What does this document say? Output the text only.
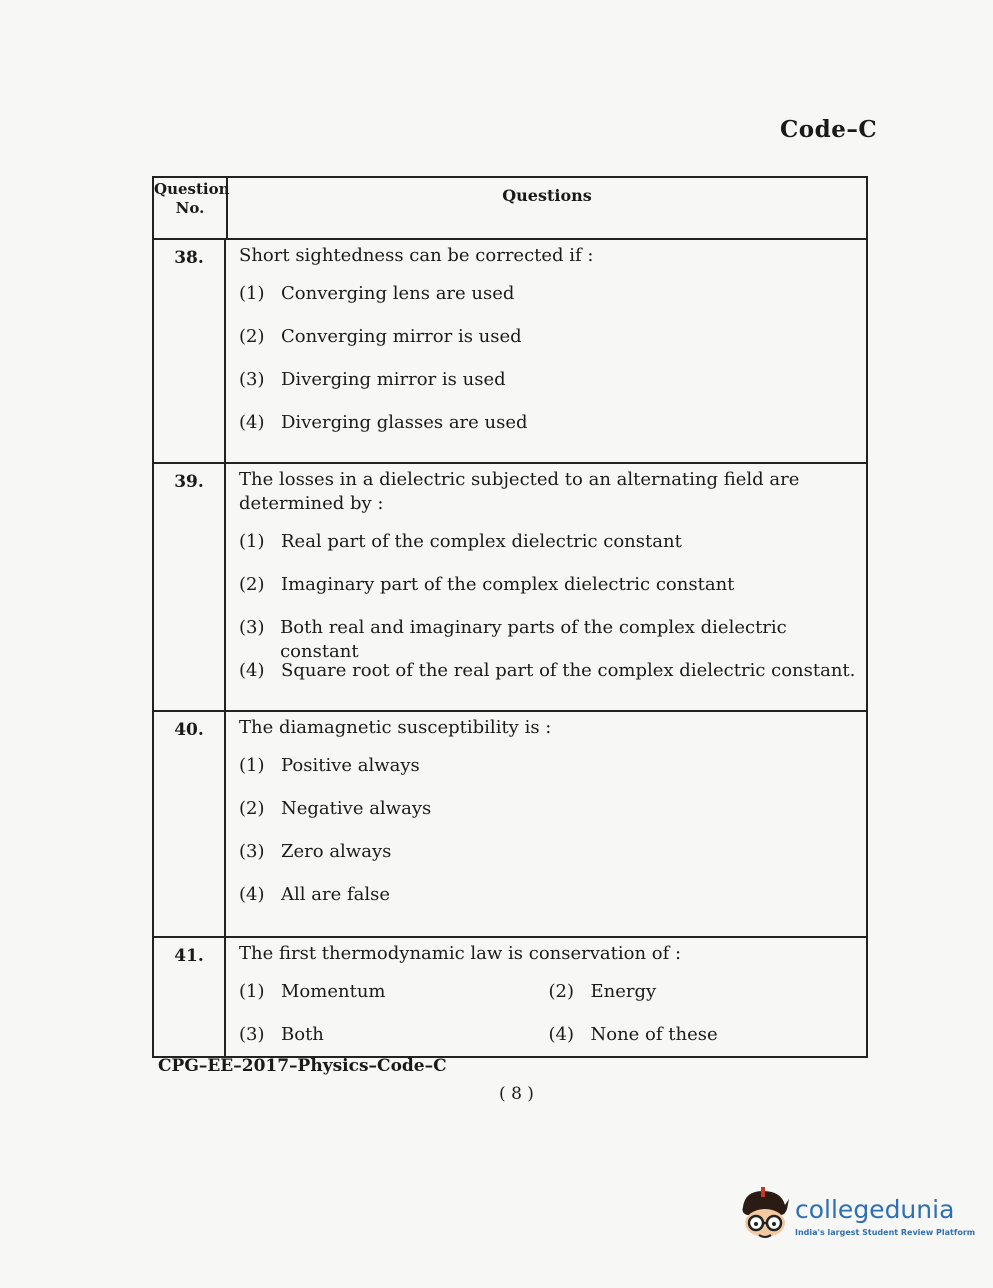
Code–C
Question No.
Questions
38.	Short sightedness can be corrected if :
(1) Converging lens are used
(2) Converging mirror is used
(3) Diverging mirror is used
(4) Diverging glasses are used
39.	The losses in a dielectric subjected to an alternating field are determined by :
(1) Real part of the complex dielectric constant
(2) Imaginary part of the complex dielectric constant
(3) Both real and imaginary parts of the complex dielectric constant
(4) Square root of the real part of the complex dielectric constant.
40.	The diamagnetic susceptibility is :
(1) Positive always
(2) Negative always
(3) Zero always
(4) All are false
41.	The first thermodynamic law is conservation of :
(1) Momentum	(2) Energy
(3) Both	(4) None of these
CPG–EE–2017–Physics–Code–C
( 8 )
collegedunia
India's largest Student Review Platform
